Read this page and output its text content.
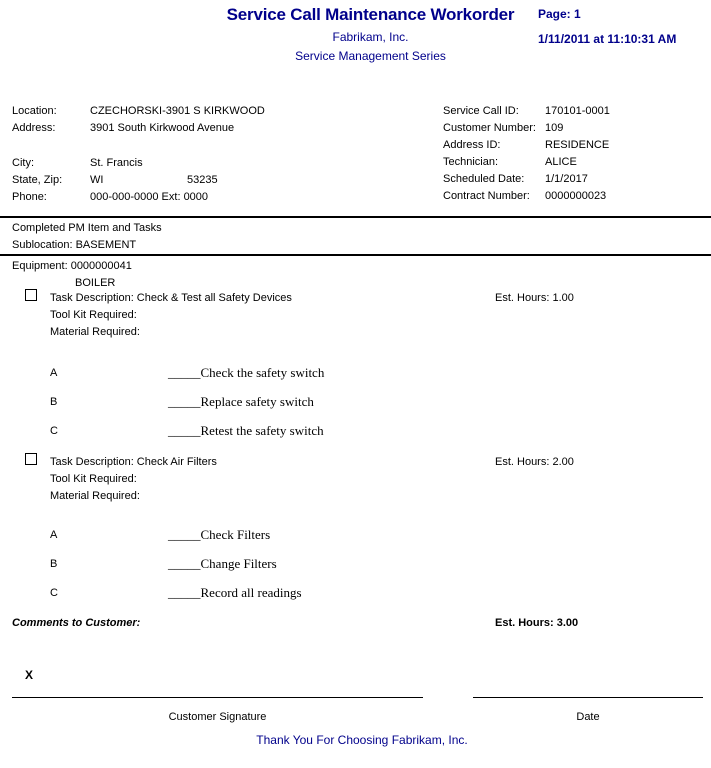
Service Call Maintenance Workorder
Fabrikam, Inc.
Service Management Series
Page: 1
1/11/2011 at 11:10:31 AM
Location:	CZECHORSKI-3901 S KIRKWOOD
Address:	3901 South Kirkwood Avenue
City:	St. Francis
State, Zip:	WI	53235
Phone:	000-000-0000 Ext: 0000
Service Call ID:	170101-0001
Customer Number: 109
Address ID:	RESIDENCE
Technician:	ALICE
Scheduled Date:	1/1/2017
Contract Number:	0000000023
Completed PM Item and Tasks
Sublocation: BASEMENT
Equipment: 0000000041
BOILER
Task Description: Check & Test all Safety Devices	Est. Hours: 1.00
Tool Kit Required:
Material Required:
A	_____Check the safety switch
B	_____Replace safety switch
C	_____Retest the safety switch
Task Description: Check Air Filters	Est. Hours: 2.00
Tool Kit Required:
Material Required:
A	_____Check Filters
B	_____Change Filters
C	_____Record all readings
Comments to Customer:	Est. Hours: 3.00
X
Customer Signature	Date
Thank You For Choosing Fabrikam, Inc.
